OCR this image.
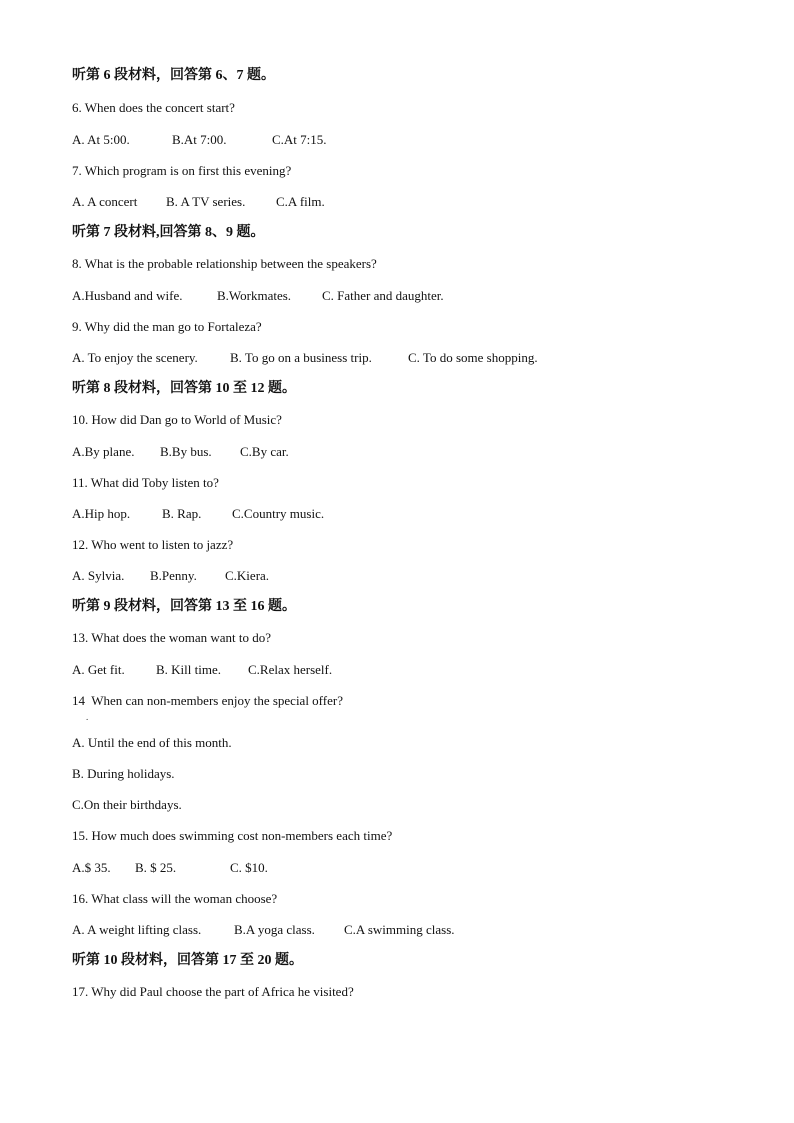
听第 6 段材料，回答第 6、7 题。
6. When does the concert start?
A. At 5:00.	B.At 7:00.	C.At 7:15.
7. Which program is on first this evening?
A. A concert B. A TV series. C.A film.
听第 7 段材料,回答第 8、9 题。
8. What is the probable relationship between the speakers?
A.Husband and wife.	B.Workmates. C. Father and daughter.
9. Why did the man go to Fortaleza?
A. To enjoy the scenery. B. To go on a business trip.	C. To do some shopping.
听第 8 段材料，回答第 10 至 12 题。
10. How did Dan go to World of Music?
A.By plane. B.By bus. C.By car.
11. What did Toby listen to?
A.Hip hop. B. Rap. C.Country music.
12. Who went to listen to jazz?
A. Sylvia. B.Penny. C.Kiera.
听第 9 段材料，回答第 13 至 16 题。
13. What does the woman want to do?
A. Get fit. B. Kill time. C.Relax herself.
14  When can non-members enjoy the special offer?
A. Until the end of this month.
B. During holidays.
C.On their birthdays.
15. How much does swimming cost non-members each time?
A.$ 35. B. $ 25.	C. $10.
16. What class will the woman choose?
A. A weight lifting class.	B.A yoga class. C.A swimming class.
听第 10 段材料，回答第 17 至 20 题。
17. Why did Paul choose the part of Africa he visited?
.
